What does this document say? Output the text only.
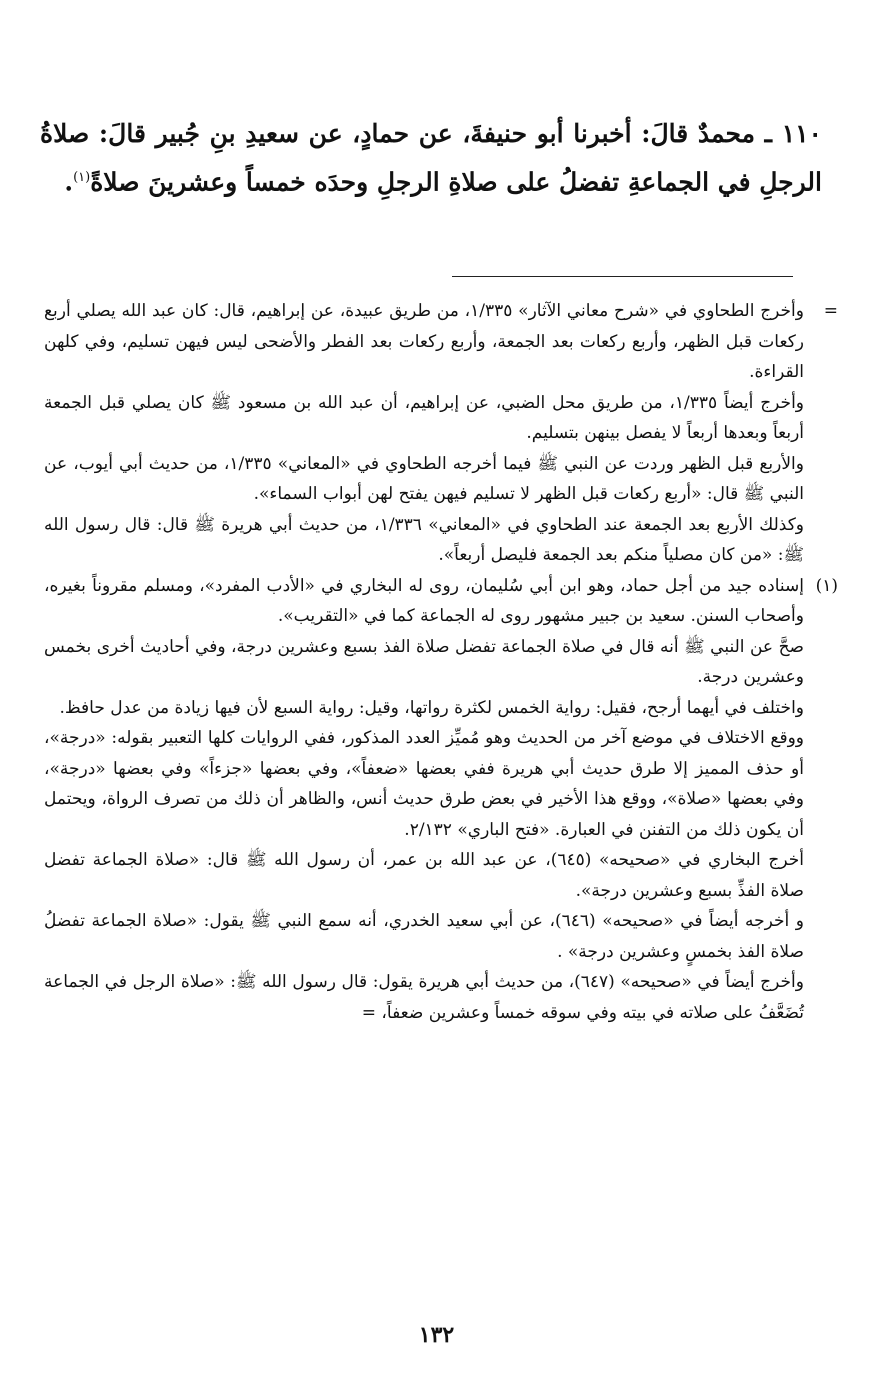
١١٠ ـ محمدٌ قالَ: أخبرنا أبو حنيفةَ، عن حمادٍ، عن سعيدِ بنِ جُبير قالَ: صلاةُ الرجلِ في الجماعةِ تفضلُ على صلاةِ الرجلِ وحدَه خمساً وعشرينَ صلاةً$^{(١)}$.

=
وأخرج الطحاوي في «شرح معاني الآثار» ١/٣٣٥، من طريق عبيدة، عن إبراهيم، قال: كان عبد الله يصلي أربع ركعات قبل الظهر، وأربع ركعات بعد الجمعة، وأربع ركعات بعد الفطر والأضحى ليس فيهن تسليم، وفي كلهن القراءة.

وأخرج أيضاً ١/٣٣٥، من طريق محل الضبي، عن إبراهيم، أن عبد الله بن مسعود ﷺ كان يصلي قبل الجمعة أربعاً وبعدها أربعاً لا يفصل بينهن بتسليم.

والأربع قبل الظهر وردت عن النبي ﷺ فيما أخرجه الطحاوي في «المعاني» ١/٣٣٥، من حديث أبي أيوب، عن النبي ﷺ قال: «أربع ركعات قبل الظهر لا تسليم فيهن يفتح لهن أبواب السماء».

وكذلك الأربع بعد الجمعة عند الطحاوي في «المعاني» ١/٣٣٦، من حديث أبي هريرة ﷺ قال: قال رسول الله ﷺ: «من كان مصلياً منكم بعد الجمعة فليصل أربعاً».

(١)
إسناده جيد من أجل حماد، وهو ابن أبي سُليمان، روى له البخاري في «الأدب المفرد»، ومسلم مقروناً بغيره، وأصحاب السنن. سعيد بن جبير مشهور روى له الجماعة كما في «التقريب».

صحَّ عن النبي ﷺ أنه قال في صلاة الجماعة تفضل صلاة الفذ بسبع وعشرين درجة، وفي أحاديث أخرى بخمس وعشرين درجة.

واختلف في أيهما أرجح، فقيل: رواية الخمس لكثرة رواتها، وقيل: رواية السبع لأن فيها زيادة من عدل حافظ.

ووقع الاختلاف في موضع آخر من الحديث وهو مُميِّز العدد المذكور، ففي الروايات كلها التعبير بقوله: «درجة»، أو حذف المميز إلا طرق حديث أبي هريرة ففي بعضها «ضعفاً»، وفي بعضها «جزءاً» وفي بعضها «درجة»، وفي بعضها «صلاة»، ووقع هذا الأخير في بعض طرق حديث أنس، والظاهر أن ذلك من تصرف الرواة، ويحتمل أن يكون ذلك من التفنن في العبارة. «فتح الباري» ٢/١٣٢.

أخرج البخاري في «صحيحه» (٦٤٥)، عن عبد الله بن عمر، أن رسول الله ﷺ قال: «صلاة الجماعة تفضل صلاة الفذِّ بسبع وعشرين درجة».

و أخرجه أيضاً في «صحيحه» (٦٤٦)، عن أبي سعيد الخدري، أنه سمع النبي ﷺ يقول: «صلاة الجماعة تفضلُ صلاة الفذ بخمسٍ وعشرين درجة» .

وأخرج أيضاً في «صحيحه» (٦٤٧)، من حديث أبي هريرة يقول: قال رسول الله ﷺ: «صلاة الرجل في الجماعة تُضَعَّفُ على صلاته في بيته وفي سوقه خمساً وعشرين ضعفاً، =

١٣٢
